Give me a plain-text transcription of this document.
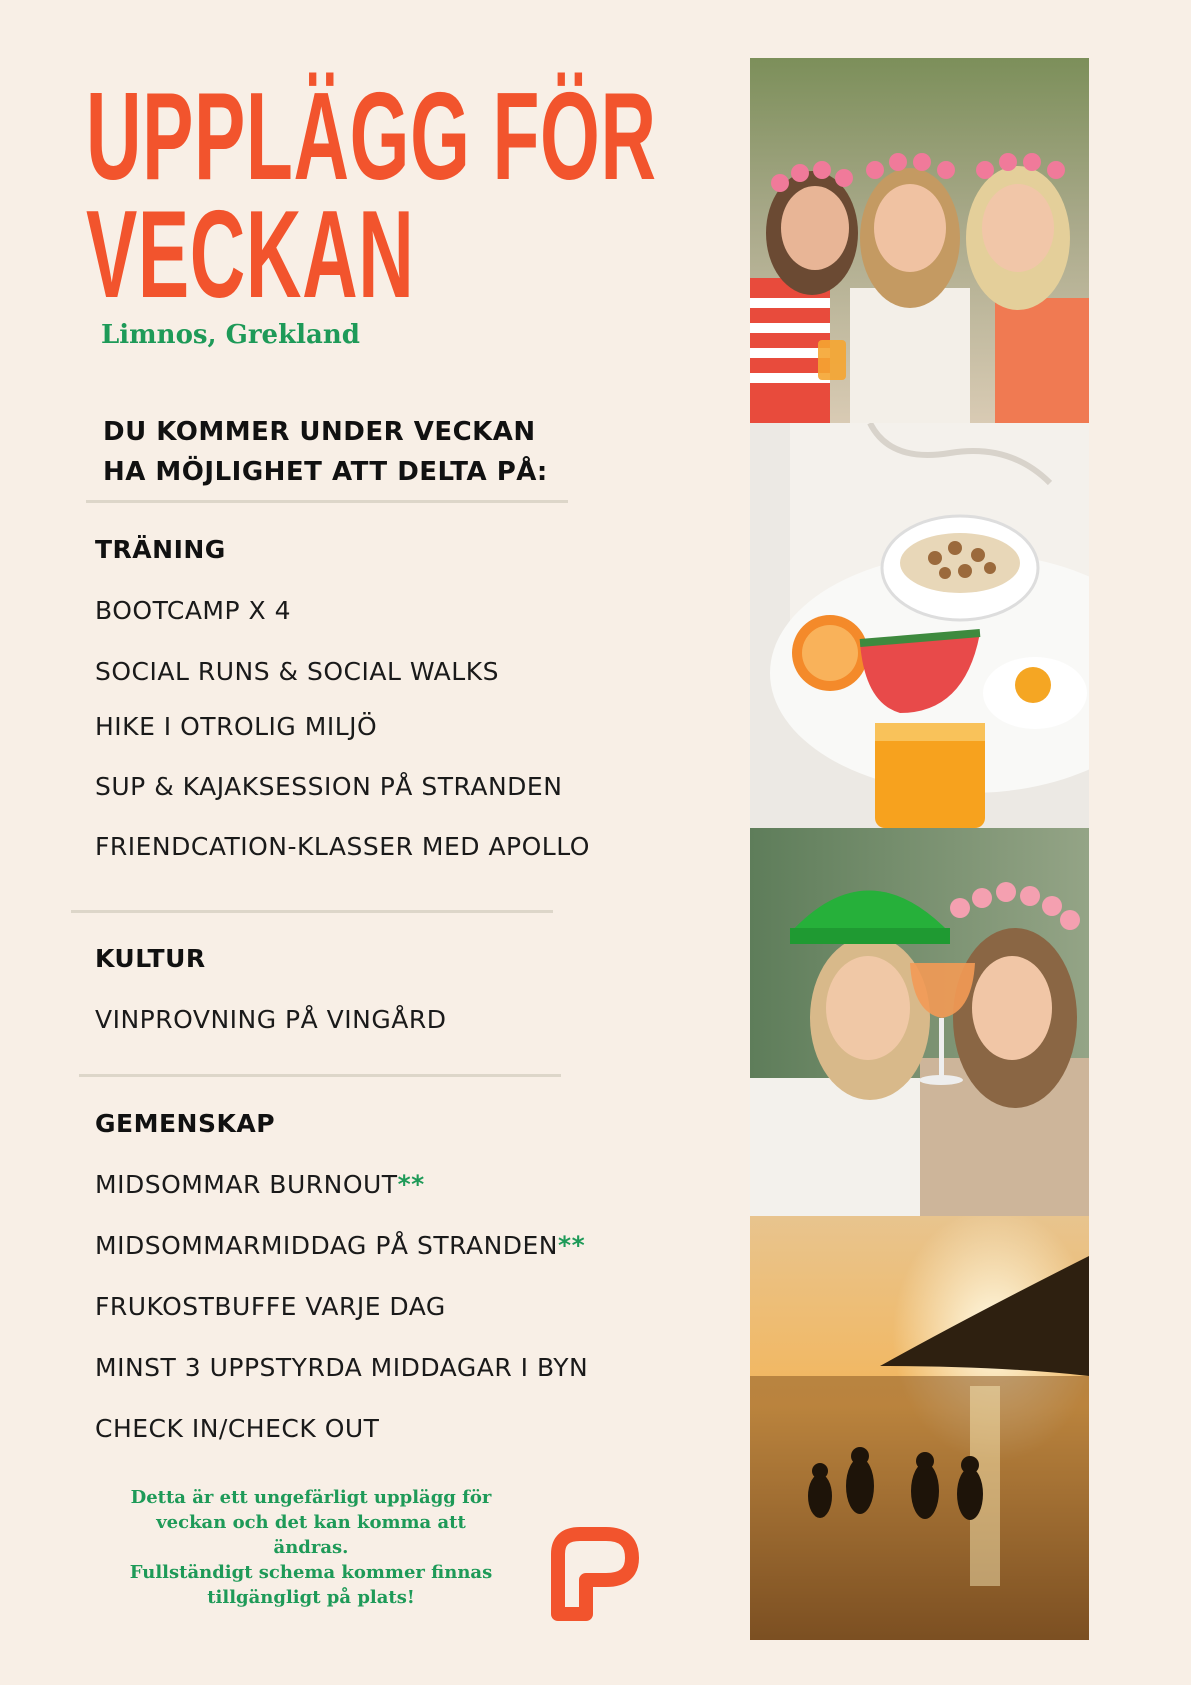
UPPLÄGG FÖR
VECKAN
Limnos, Grekland
DU KOMMER UNDER VECKAN
HA MÖJLIGHET ATT DELTA PÅ:
TRÄNING
BOOTCAMP X 4
SOCIAL RUNS & SOCIAL WALKS
HIKE I OTROLIG MILJÖ
SUP & KAJAKSESSION PÅ STRANDEN
FRIENDCATION-KLASSER MED APOLLO
KULTUR
VINPROVNING PÅ VINGÅRD
GEMENSKAP
MIDSOMMAR BURNOUT**
MIDSOMMARMIDDAG PÅ STRANDEN**
FRUKOSTBUFFE VARJE DAG
MINST 3 UPPSTYRDA MIDDAGAR I BYN
CHECK IN/CHECK OUT
Detta är ett ungefärligt upplägg för
veckan och det kan komma att ändras.
Fullständigt schema kommer finnas
tillgängligt på plats!
